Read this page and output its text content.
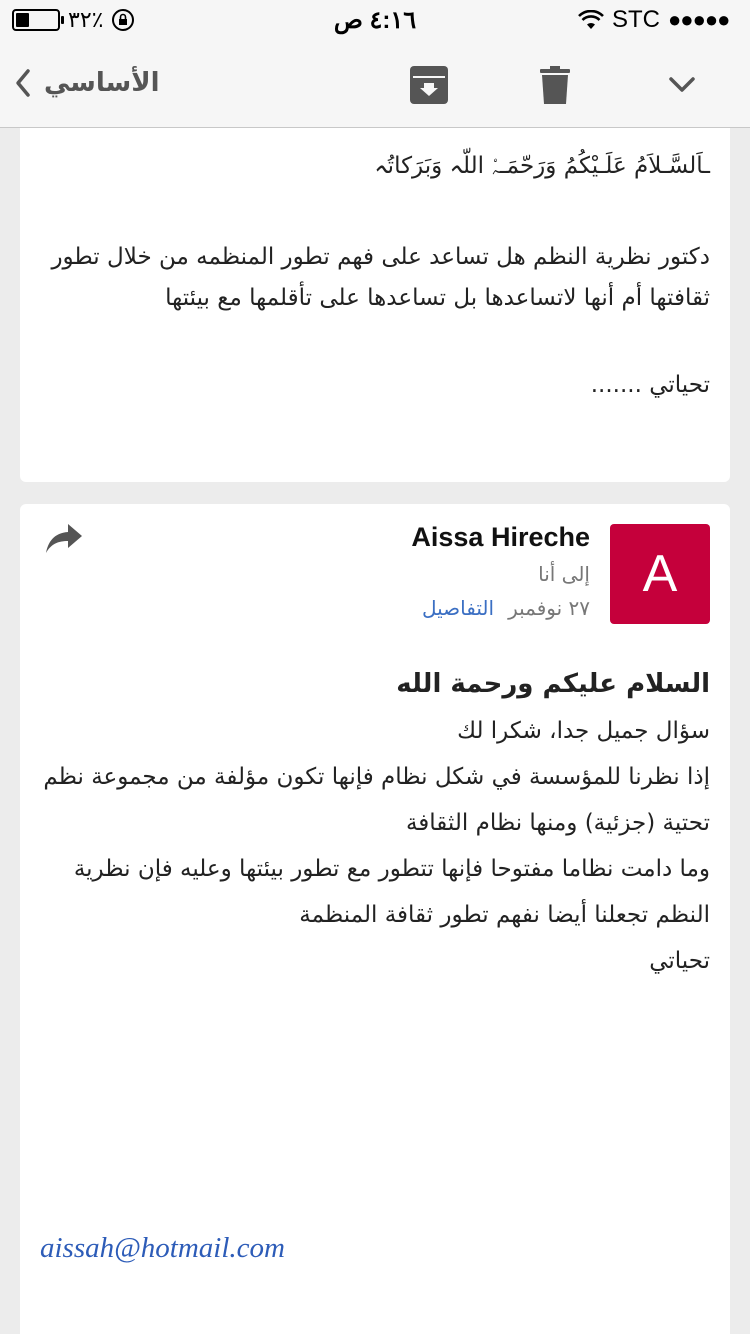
٣٢٪	٤:١٦ ص	STC ●●●●●
الأساسي

ـاَلسَّـلاَمُ عَلَـيْكُمُ وَرَحّمَـﮧْ اللّہ وَبَرَكاتُہ

دكتور نظرية النظم هل تساعد على فهم تطور المنظمه من خلال تطور

ثقافتها أم أنها لاتساعدها بل تساعدها على تأقلمها مع بيئتها

تحياتي .......

Aissa Hireche
إلى أنا
٢٧ نوفمبر
التفاصيل
A

السلام عليكم ورحمة الله

سؤال جميل جدا، شكرا لك

إذا نظرنا للمؤسسة في شكل نظام فإنها تكون مؤلفة من مجموعة نظم

تحتية (جزئية) ومنها نظام الثقافة

وما دامت نظاما مفتوحا فإنها تتطور مع تطور بيئتها وعليه فإن نظرية

النظم تجعلنا أيضا نفهم تطور ثقافة المنظمة

تحياتي

aissah@hotmail.com
